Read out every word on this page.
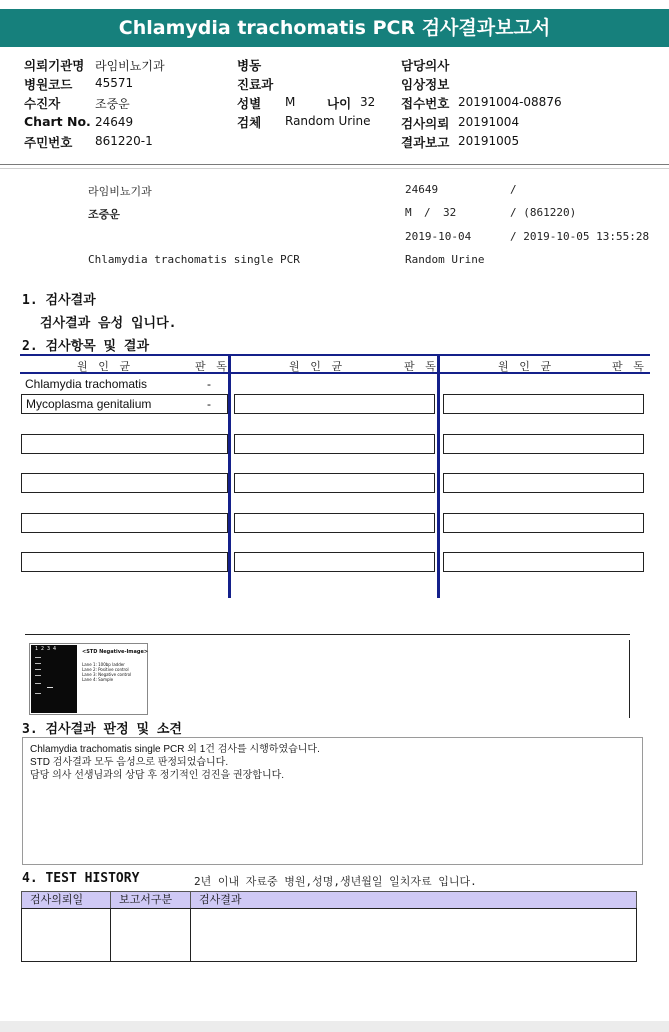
Chlamydia trachomatis PCR 검사결과보고서
의뢰기관명 라임비뇨기과
병원코드 45571
수진자	조중운
Chart No. 24649
주민번호 861220-1
병동
진료과
성별 M	나이 32
검체 Random Urine
담당의사
임상정보
접수번호 20191004-08876
검사의뢰 20191004
결과보고 20191005
라임비뇨기과
조중운
24649	/
M / 32	/ (861220)
2019-10-04	/ 2019-10-05 13:55:28
Chlamydia trachomatis single PCR	Random Urine
1. 검사결과
검사결과 음성 입니다.
2. 검사항목 및 결과
원 인 균	판 독	원 인 균	판 독	원 인 균	판 독
Chlamydia trachomatis	-
Mycoplasma genitalium	-
1 2 3 4	<STD Negative-Image>
Lane 1: 100bp ladder
Lane 2: Positive control
Lane 3: Negative control
Lane 4: Sample
3. 검사결과 판정 및 소견
Chlamydia trachomatis single PCR 외 1건 검사를 시행하였습니다.
STD 검사결과 모두 음성으로 판정되었습니다.
담당 의사 선생님과의 상담 후 정기적인 검진을 권장합니다.
4. TEST HISTORY	2년 이내 자료중 병원,성명,생년월일 일치자료 입니다.
검사의뢰일	보고서구분	검사결과
